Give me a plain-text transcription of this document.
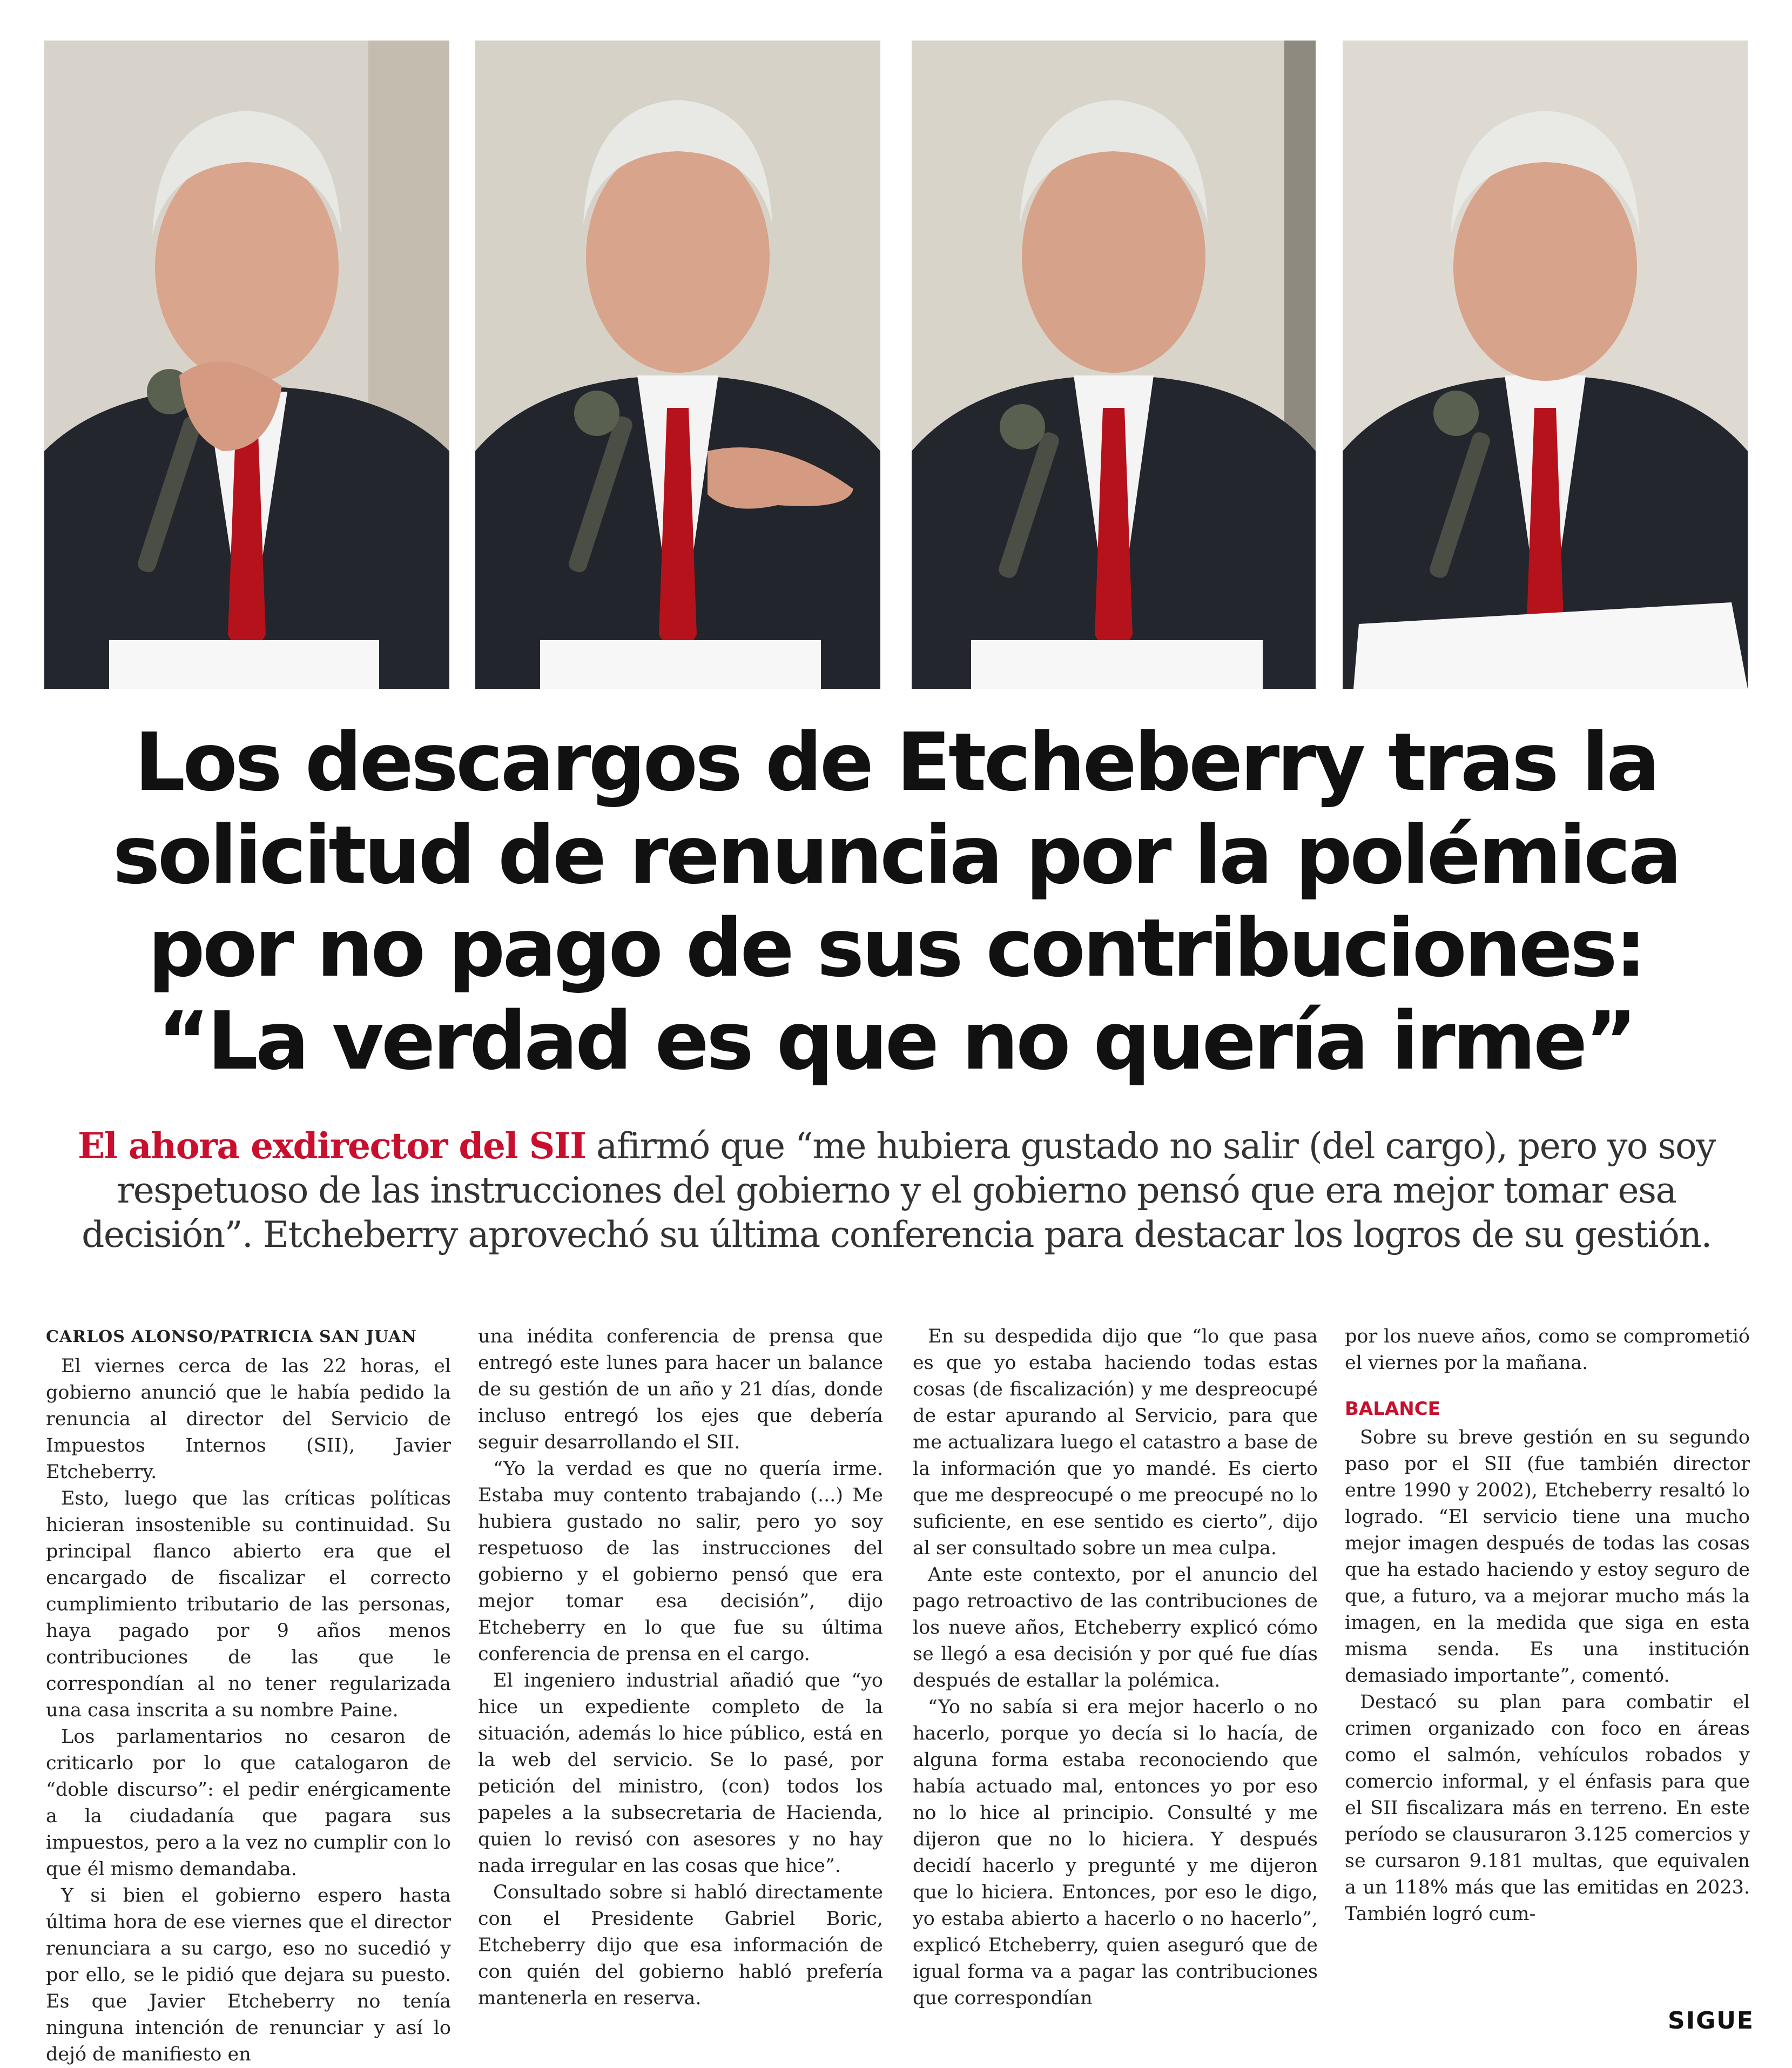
Los descargos de Etcheberry tras la solicitud de renuncia por la polémica por no pago de sus contribuciones: “La verdad es que no quería irme”

El ahora exdirector del SII afirmó que “me hubiera gustado no salir (del cargo), pero yo soy respetuoso de las instrucciones del gobierno y el gobierno pensó que era mejor tomar esa decisión”. Etcheberry aprovechó su última conferencia para destacar los logros de su gestión.

CARLOS ALONSO/PATRICIA SAN JUAN

El viernes cerca de las 22 horas, el gobierno anunció que le había pedido la renuncia al director del Servicio de Impuestos Internos (SII), Javier Etcheberry.

Esto, luego que las críticas políticas hicieran insostenible su continuidad. Su principal flanco abierto era que el encargado de fiscalizar el correcto cumplimiento tributario de las personas, haya pagado por 9 años menos contribuciones de las que le correspondían al no tener regularizada una casa inscrita a su nombre Paine.

Los parlamentarios no cesaron de criticarlo por lo que catalogaron de “doble discurso”: el pedir enérgicamente a la ciudadanía que pagara sus impuestos, pero a la vez no cumplir con lo que él mismo demandaba.

Y si bien el gobierno espero hasta última hora de ese viernes que el director renunciara a su cargo, eso no sucedió y por ello, se le pidió que dejara su puesto. Es que Javier Etcheberry no tenía ninguna intención de renunciar y así lo dejó de manifiesto en

una inédita conferencia de prensa que entregó este lunes para hacer un balance de su gestión de un año y 21 días, donde incluso entregó los ejes que debería seguir desarrollando el SII.

“Yo la verdad es que no quería irme. Estaba muy contento trabajando (...) Me hubiera gustado no salir, pero yo soy respetuoso de las instrucciones del gobierno y el gobierno pensó que era mejor tomar esa decisión”, dijo Etcheberry en lo que fue su última conferencia de prensa en el cargo.

El ingeniero industrial añadió que “yo hice un expediente completo de la situación, además lo hice público, está en la web del servicio. Se lo pasé, por petición del ministro, (con) todos los papeles a la subsecretaria de Hacienda, quien lo revisó con asesores y no hay nada irregular en las cosas que hice”.

Consultado sobre si habló directamente con el Presidente Gabriel Boric, Etcheberry dijo que esa información de con quién del gobierno habló prefería mantenerla en reserva.

En su despedida dijo que “lo que pasa es que yo estaba haciendo todas estas cosas (de fiscalización) y me despreocupé de estar apurando al Servicio, para que me actualizara luego el catastro a base de la información que yo mandé. Es cierto que me despreocupé o me preocupé no lo suficiente, en ese sentido es cierto”, dijo al ser consultado sobre un mea culpa.

Ante este contexto, por el anuncio del pago retroactivo de las contribuciones de los nueve años, Etcheberry explicó cómo se llegó a esa decisión y por qué fue días después de estallar la polémica.

“Yo no sabía si era mejor hacerlo o no hacerlo, porque yo decía si lo hacía, de alguna forma estaba reconociendo que había actuado mal, entonces yo por eso no lo hice al principio. Consulté y me dijeron que no lo hiciera. Y después decidí hacerlo y pregunté y me dijeron que lo hiciera. Entonces, por eso le digo, yo estaba abierto a hacerlo o no hacerlo”, explicó Etcheberry, quien aseguró que de igual forma va a pagar las contribuciones que correspondían

por los nueve años, como se comprometió el viernes por la mañana.

BALANCE

Sobre su breve gestión en su segundo paso por el SII (fue también director entre 1990 y 2002), Etcheberry resaltó lo logrado. “El servicio tiene una mucho mejor imagen después de todas las cosas que ha estado haciendo y estoy seguro de que, a futuro, va a mejorar mucho más la imagen, en la medida que siga en esta misma senda. Es una institución demasiado importante”, comentó.

Destacó su plan para combatir el crimen organizado con foco en áreas como el salmón, vehículos robados y comercio informal, y el énfasis para que el SII fiscalizara más en terreno. En este período se clausuraron 3.125 comercios y se cursaron 9.181 multas, que equivalen a un 118% más que las emitidas en 2023. También logró cum-

SIGUE
